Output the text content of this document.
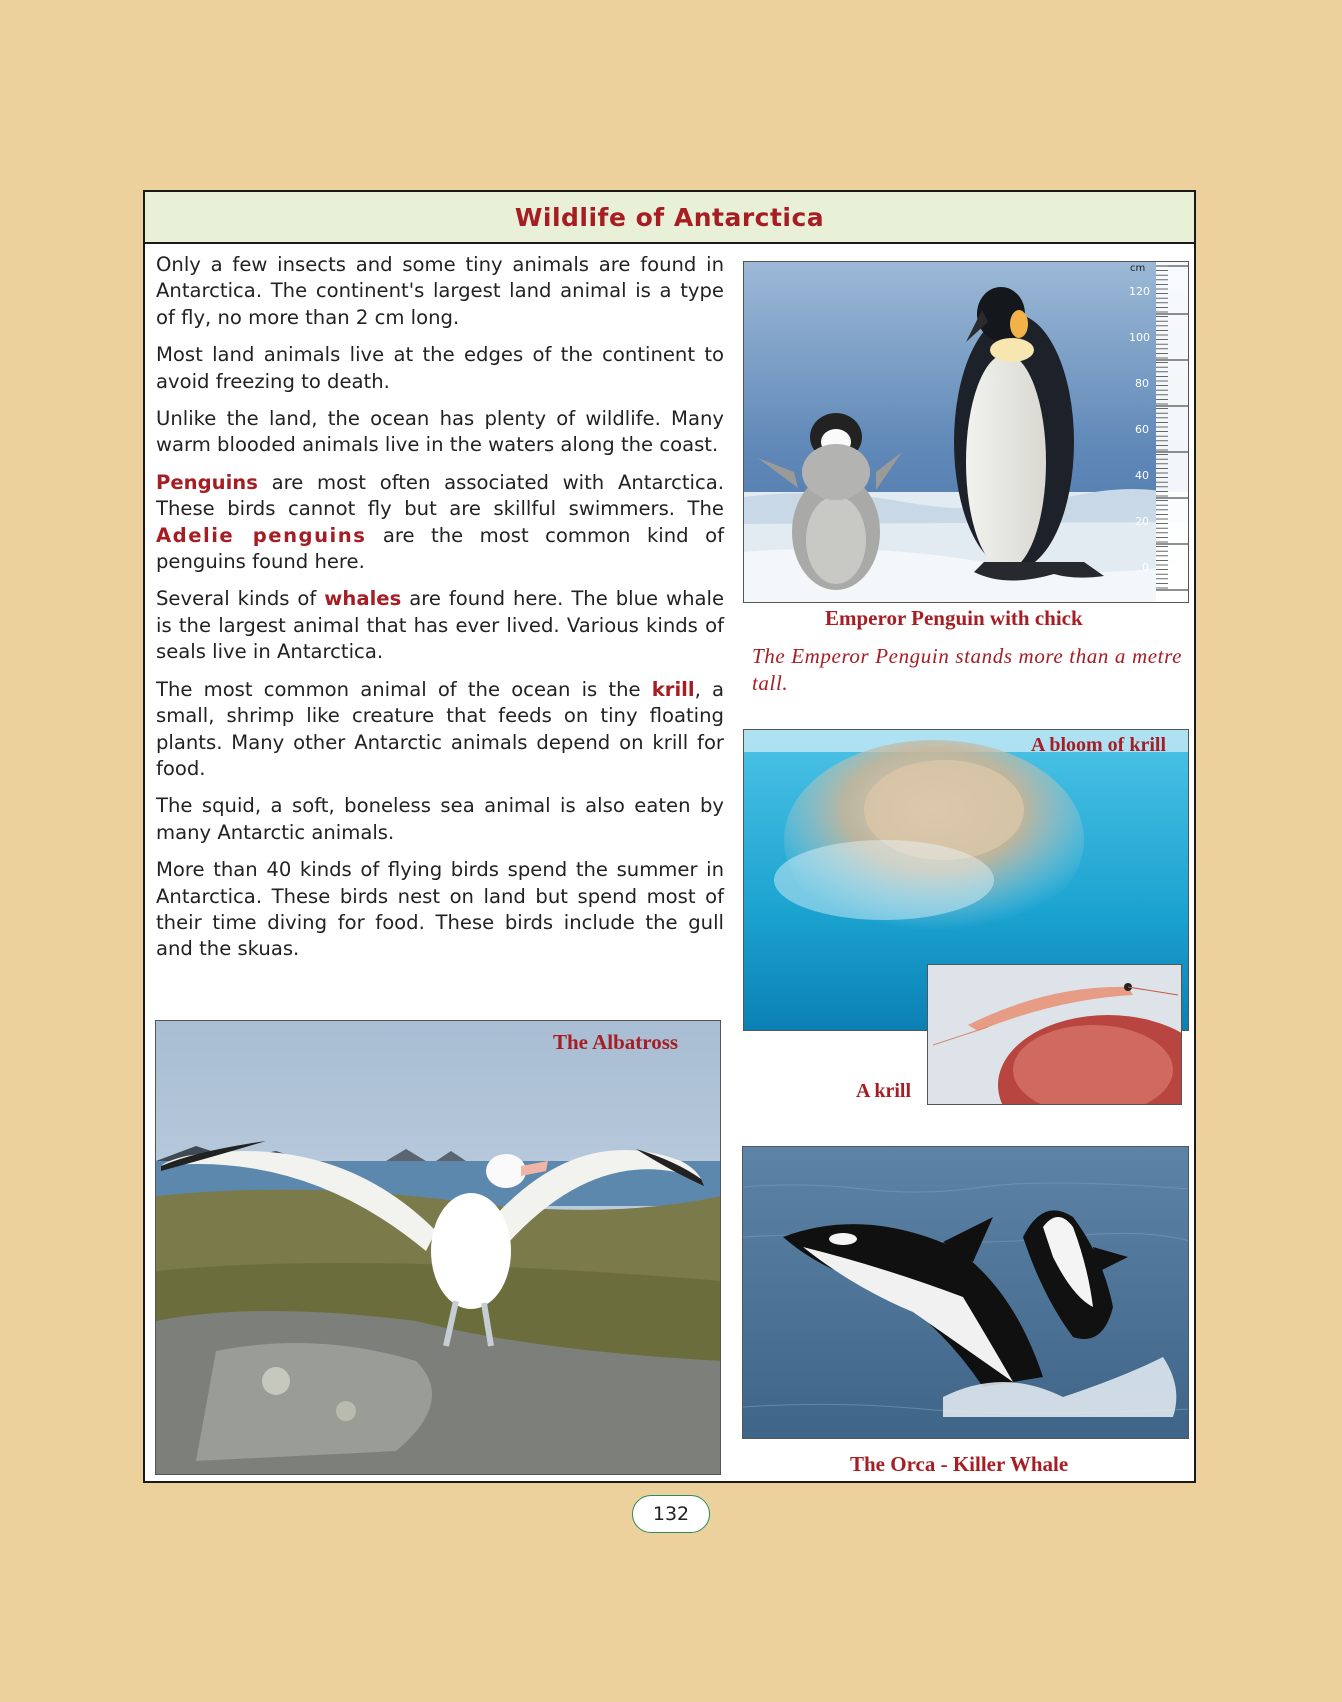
Wildlife of Antarctica

Only a few insects and some tiny animals are found in Antarctica. The continent's largest land animal is a type of fly, no more than 2 cm long.

Most land animals live at the edges of the continent to avoid freezing to death.

Unlike the land, the ocean has plenty of wildlife. Many warm blooded animals live in the waters along the coast.

Penguins are most often associated with Antarctica. These birds cannot fly but are skillful swimmers. The Adelie penguins are the most common kind of penguins found here.

Several kinds of whales are found here. The blue whale is the largest animal that has ever lived. Various kinds of seals live in Antarctica.

The most common animal of the ocean is the krill, a small, shrimp like creature that feeds on tiny floating plants. Many other Antarctic animals depend on krill for food.

The squid, a soft, boneless sea animal is also eaten by many Antarctic animals.

More than 40 kinds of flying birds spend the summer in Antarctica. These birds nest on land but spend most of their time diving for food. These birds include the gull and the skuas.

cm
120
100
80
60
40
20
0
Emperor Penguin with chick
The Emperor Penguin stands more than a metre tall.
A bloom of krill
A krill
The Albatross
The Orca - Killer Whale
132
